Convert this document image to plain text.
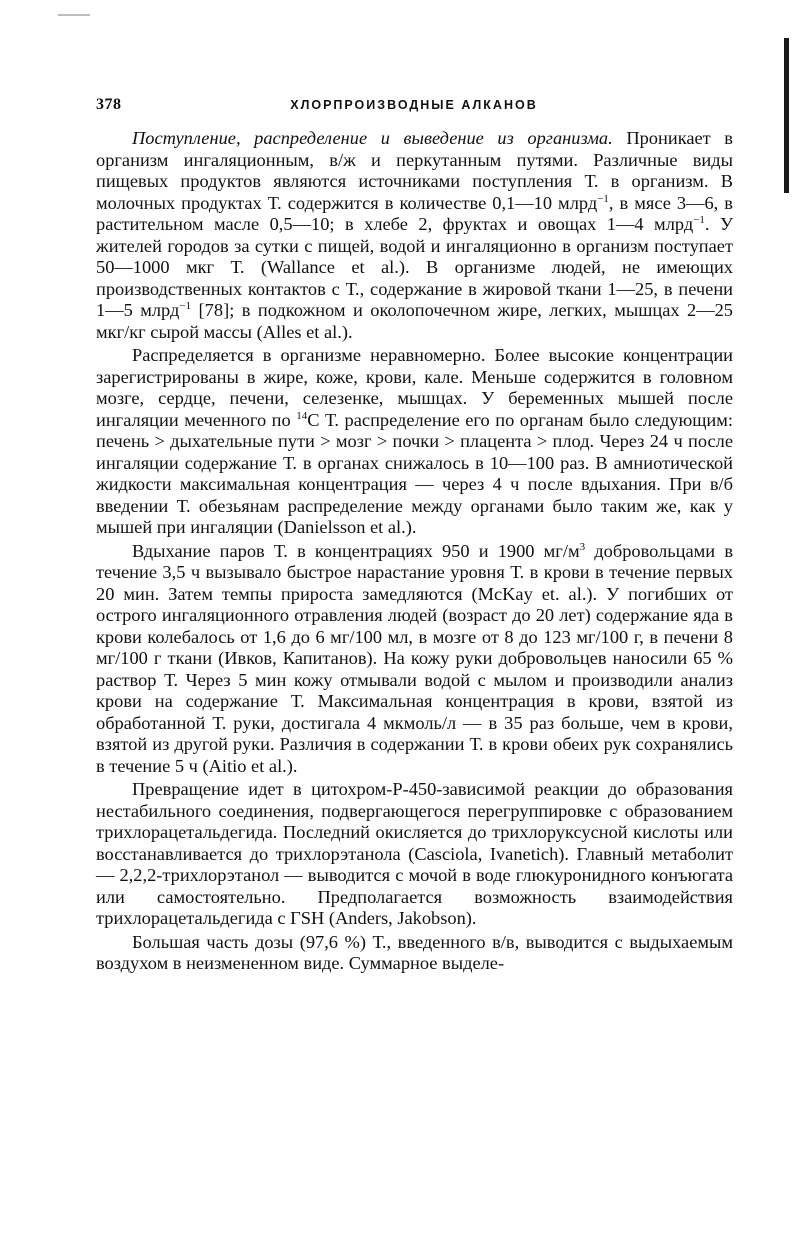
378	ХЛОРПРОИЗВОДНЫЕ АЛКАНОВ

Поступление, распределение и выведение из организма. Проникает в организм ингаляционным, в/ж и перкутанным путями. Различные виды пищевых продуктов являются источниками поступления Т. в организм. В молочных продуктах Т. содержится в количестве 0,1—10 млрд$^{-1}$, в мясе 3—6, в растительном масле 0,5—10; в хлебе 2, фруктах и овощах 1—4 млрд$^{-1}$. У жителей городов за сутки с пищей, водой и ингаляционно в организм поступает 50—1000 мкг Т. (Wallance et al.). В организме людей, не имеющих производственных контактов с Т., содержание в жировой ткани 1—25, в печени 1—5 млрд$^{-1}$ [78]; в подкожном и околопочечном жире, легких, мышцах 2—25 мкг/кг сырой массы (Alles et al.).

Распределяется в организме неравномерно. Более высокие концентрации зарегистрированы в жире, коже, крови, кале. Меньше содержится в головном мозге, сердце, печени, селезенке, мышцах. У беременных мышей после ингаляции меченного по $^{14}$C Т. распределение его по органам было следующим: печень > дыхательные пути > мозг > почки > плацента > плод. Через 24 ч после ингаляции содержание Т. в органах снижалось в 10—100 раз. В амниотической жидкости максимальная концентрация — через 4 ч после вдыхания. При в/б введении Т. обезьянам распределение между органами было таким же, как у мышей при ингаляции (Danielsson et al.).

Вдыхание паров Т. в концентрациях 950 и 1900 $мг/м^3$ добровольцами в течение 3,5 ч вызывало быстрое нарастание уровня Т. в крови в течение первых 20 мин. Затем темпы прироста замедляются (McKay et. al.). У погибших от острого ингаляционного отравления людей (возраст до 20 лет) содержание яда в крови колебалось от 1,6 до 6 мг/100 мл, в мозге от 8 до 123 мг/100 г, в печени 8 мг/100 г ткани (Ивков, Капитанов). На кожу руки добровольцев наносили 65 % раствор Т. Через 5 мин кожу отмывали водой с мылом и производили анализ крови на содержание Т. Максимальная концентрация в крови, взятой из обработанной Т. руки, достигала 4 мкмоль/л — в 35 раз больше, чем в крови, взятой из другой руки. Различия в содержании Т. в крови обеих рук сохранялись в течение 5 ч (Aitio et al.).

Превращение идет в цитохром-Р-450-зависимой реакции до образования нестабильного соединения, подвергающегося перегруппировке с образованием трихлорацетальдегида. Последний окисляется до трихлоруксусной кислоты или восстанавливается до трихлорэтанола (Casciola, Ivanetich). Главный метаболит — 2,2,2-трихлорэтанол — выводится с мочой в воде глюкуронидного конъюгата или самостоятельно. Предполагается возможность взаимодействия трихлорацетальдегида с ГSH (Anders, Jakobson).

Большая часть дозы (97,6 %) Т., введенного в/в, выводится с выдыхаемым воздухом в неизмененном виде. Суммарное выделе-
